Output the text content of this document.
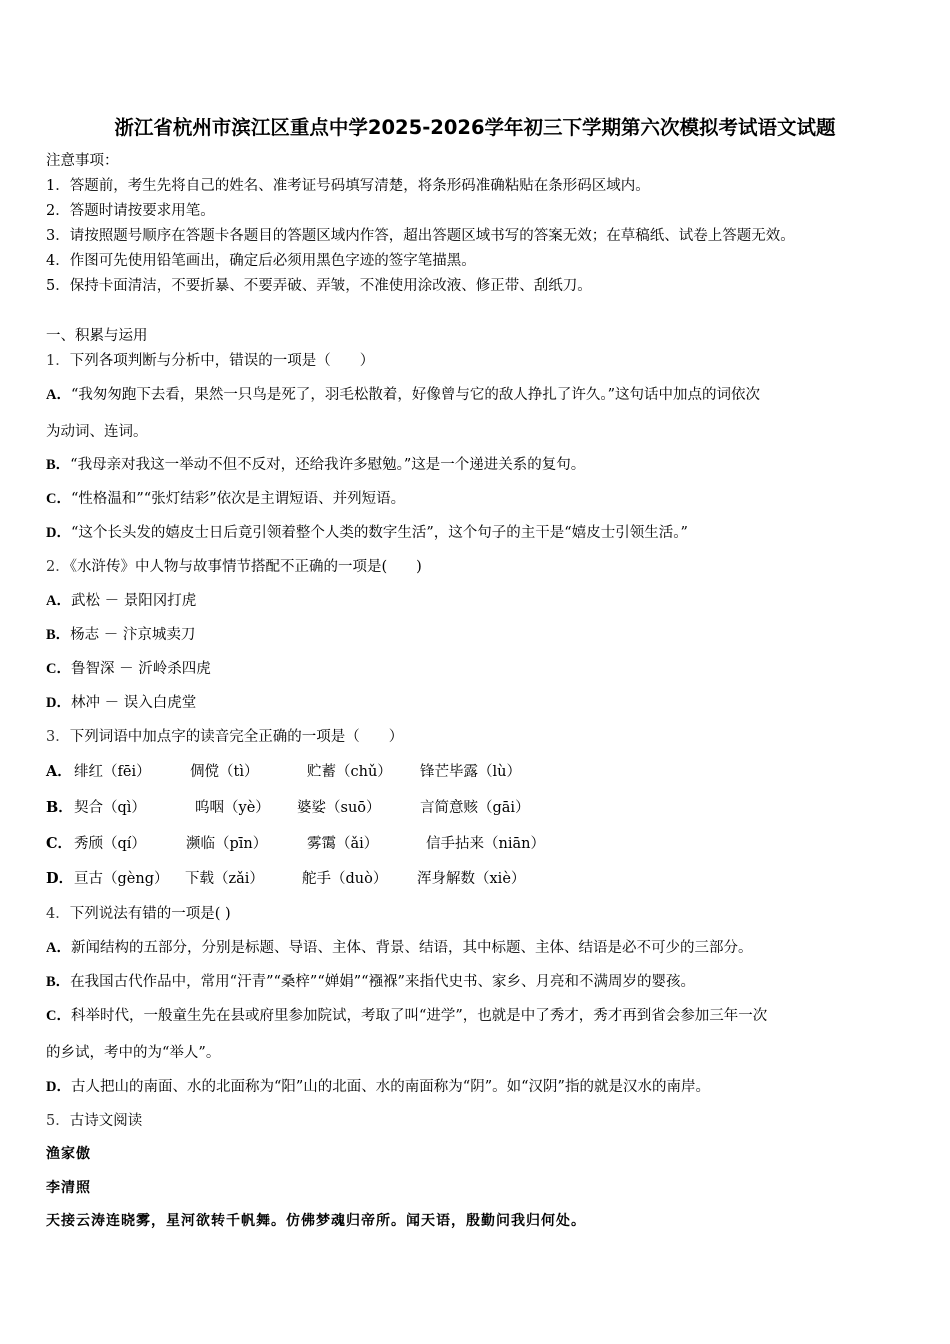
浙江省杭州市滨江区重点中学2025-2026学年初三下学期第六次模拟考试语文试题
注意事项：
1．答题前，考生先将自己的姓名、准考证号码填写清楚，将条形码准确粘贴在条形码区域内。
2．答题时请按要求用笔。
3．请按照题号顺序在答题卡各题目的答题区域内作答，超出答题区域书写的答案无效；在草稿纸、试卷上答题无效。
4．作图可先使用铅笔画出，确定后必须用黑色字迹的签字笔描黑。
5．保持卡面清洁，不要折暴、不要弄破、弄皱，不准使用涂改液、修正带、刮纸刀。
一、积累与运用
1．下列各项判断与分析中，错误的一项是（　　）
A．“我匆匆跑下去看，果然一只鸟是死了，羽毛松散着，好像曾与它的敌人挣扎了许久。”这句话中加点的词依次
为动词、连词。
B．“我母亲对我这一举动不但不反对，还给我许多慰勉。”这是一个递进关系的复句。
C．“性格温和”“张灯结彩”依次是主谓短语、并列短语。
D．“这个长头发的嬉皮士日后竟引领着整个人类的数字生活”，这个句子的主干是“嬉皮士引领生活。”
2．《水浒传》中人物与故事情节搭配不正确的一项是(　　)
A．武松 － 景阳冈打虎
B．杨志 － 汴京城卖刀
C．鲁智深 － 沂岭杀四虎
D．林冲 － 误入白虎堂
3．下列词语中加点字的读音完全正确的一项是（　　）
A． 绯红（fēi）	倜傥（tì）	贮蓄（chǔ） 锋芒毕露（lù）
B． 契合（qì）	呜咽（yè） 婆娑（suō）	言简意赅（gāi）
C． 秀颀（qí）	濒临（pīn）	雾霭（ǎi）	信手拈来（niān）
D． 亘古（gèng） 下载（zǎi）	舵手（duò） 浑身解数（xiè）
4．下列说法有错的一项是( )
A．新闻结构的五部分，分别是标题、导语、主体、背景、结语，其中标题、主体、结语是必不可少的三部分。
B．在我国古代作品中，常用“汗青”“桑梓”“婵娟”“襁褓”来指代史书、家乡、月亮和不满周岁的婴孩。
C．科举时代，一般童生先在县或府里参加院试，考取了叫“进学”，也就是中了秀才，秀才再到省会参加三年一次
的乡试，考中的为“举人”。
D．古人把山的南面、水的北面称为“阳”山的北面、水的南面称为“阴”。如“汉阴”指的就是汉水的南岸。
5．古诗文阅读
渔家傲
李清照
天接云涛连晓雾，星河欲转千帆舞。仿佛梦魂归帝所。闻天语，殷勤问我归何处。
